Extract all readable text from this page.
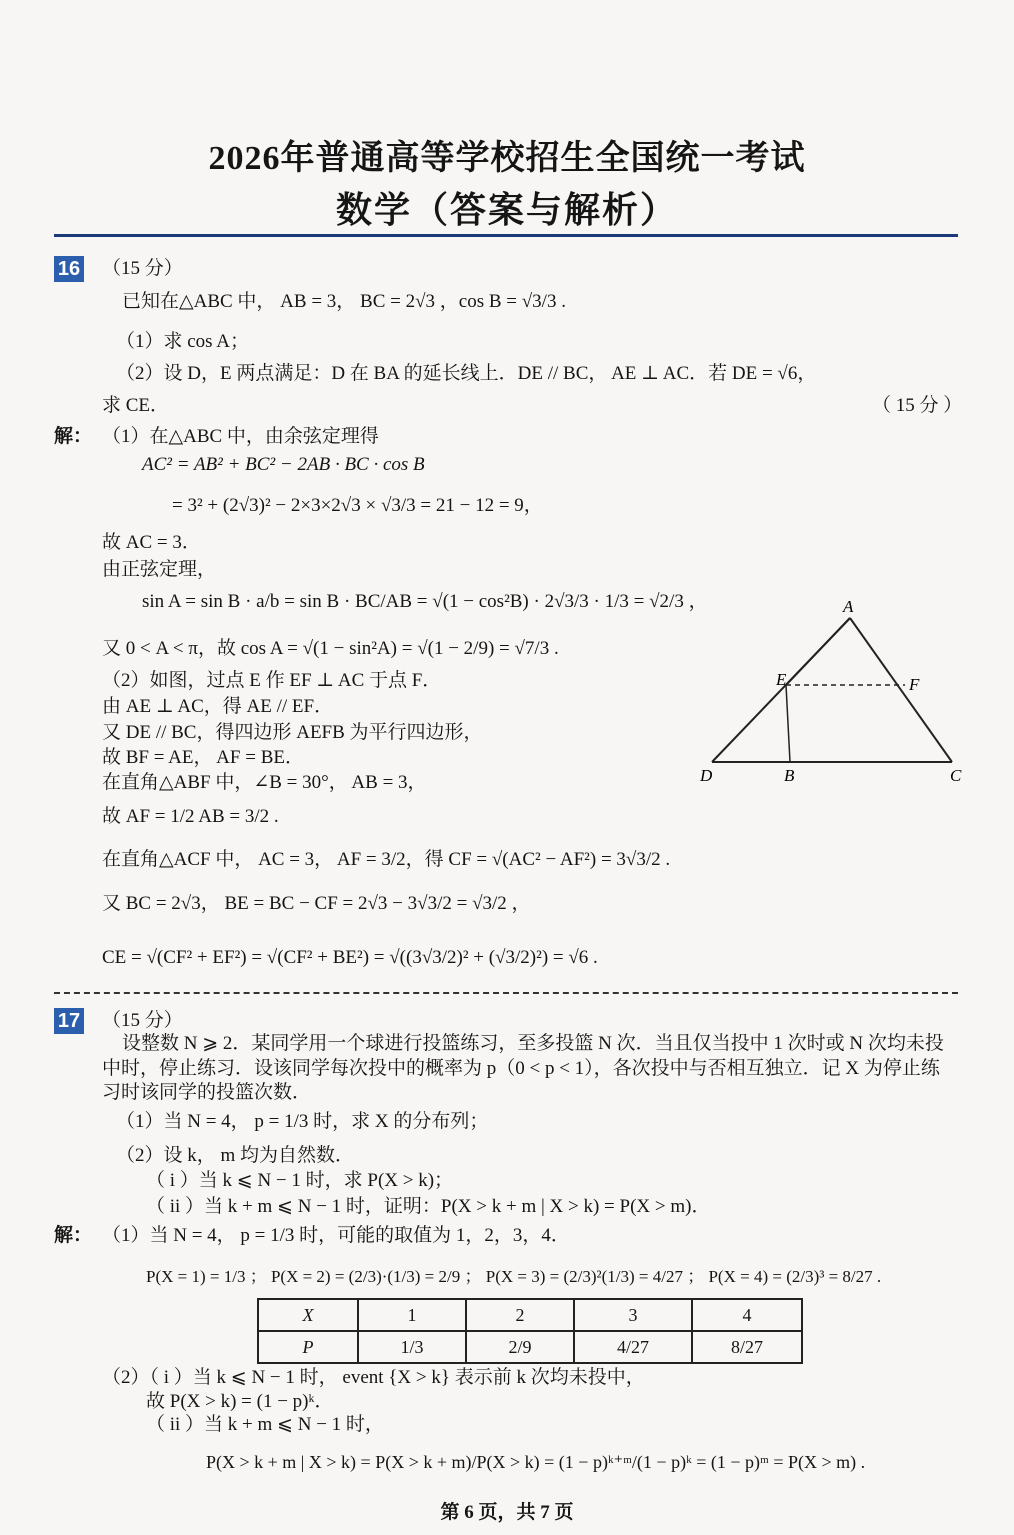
2026年普通高等学校招生全国统一考试
数学（答案与解析）
16 （15 分）
已知在△ABC 中， AB = 3， BC = 2√3 ，cos B = √3/3 .
（1）求 cos A；
（2）设 D，E 两点满足：D 在 BA 的延长线上．DE // BC， AE ⊥ AC．若 DE = √6，
求 CE．	（ 15 分 ）
解： （1）在△ABC 中，由余弦定理得
AC² = AB² + BC² − 2AB · BC · cos B
= 3² + (2√3)² − 2×3×2√3 × √3/3 = 21 − 12 = 9，
故 AC = 3．
由正弦定理，
sin A = sin B · a/b = sin B · BC/AB = √(1 − cos²B) · 2√3/3 · 1/3 = √2/3 ，
又 0 < A < π，故 cos A = √(1 − sin²A) = √(1 − 2/9) = √7/3 .
（2）如图，过点 E 作 EF ⊥ AC 于点 F．
由 AE ⊥ AC，得 AE // EF．
又 DE // BC，得四边形 AEFB 为平行四边形，
故 BF = AE， AF = BE．
在直角△ABF 中，∠B = 30°， AB = 3，
故 AF = 1/2 AB = 3/2 .
在直角△ACF 中， AC = 3， AF = 3/2，得 CF = √(AC² − AF²) = 3√3/2 .
又 BC = 2√3， BE = BC − CF = 2√3 − 3√3/2 = √3/2 ，
CE = √(CF² + EF²) = √(CF² + BE²) = √((3√3/2)² + (√3/2)²) = √6 .
A
E	F
D	B	C
17 （15 分）
设整数 N ⩾ 2．某同学用一个球进行投篮练习，至多投篮 N 次．当且仅当投中 1 次时或 N 次均未投
中时，停止练习．设该同学每次投中的概率为 p（0 < p < 1），各次投中与否相互独立．记 X 为停止练
习时该同学的投篮次数．
（1）当 N = 4， p = 1/3 时，求 X 的分布列；
（2）设 k， m 均为自然数．
（ i ）当 k ⩽ N − 1 时，求 P(X > k)；
（ ii ）当 k + m ⩽ N − 1 时，证明：P(X > k + m | X > k) = P(X > m)．
解： （1）当 N = 4， p = 1/3 时，可能的取值为 1，2，3，4．
P(X = 1) = 1/3 ； P(X = 2) = (2/3)·(1/3) = 2/9 ； P(X = 3) = (2/3)²(1/3) = 4/27 ； P(X = 4) = (2/3)³ = 8/27 .
X	1	2	3	4
P	1/3	2/9	4/27	8/27
（2）（ i ）当 k ⩽ N − 1 时， event {X > k} 表示前 k 次均未投中，
故 P(X > k) = (1 − p)ᵏ．
（ ii ）当 k + m ⩽ N − 1 时，
P(X > k + m | X > k) = P(X > k + m)/P(X > k) = (1 − p)ᵏ⁺ᵐ/(1 − p)ᵏ = (1 − p)ᵐ = P(X > m) .
第 6 页，共 7 页
